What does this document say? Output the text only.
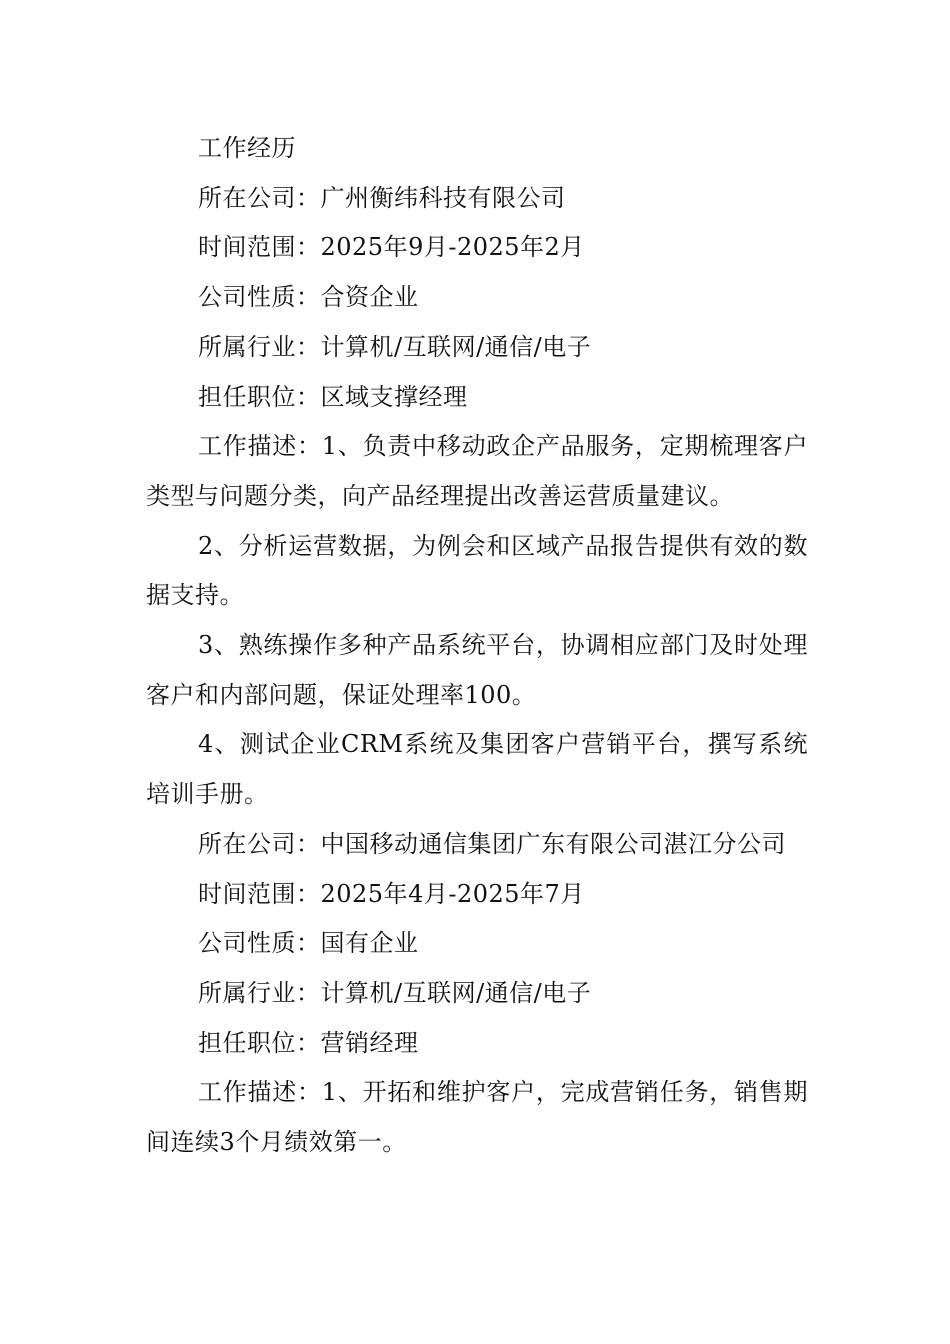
工作经历

所在公司：广州衡纬科技有限公司

时间范围：2025年9月-2025年2月

公司性质：合资企业

所属行业：计算机/互联网/通信/电子

担任职位：区域支撑经理

工作描述：1、负责中移动政企产品服务，定期梳理客户类型与问题分类，向产品经理提出改善运营质量建议。

2、分析运营数据，为例会和区域产品报告提供有效的数据支持。

3、熟练操作多种产品系统平台，协调相应部门及时处理客户和内部问题，保证处理率100。

4、测试企业CRM系统及集团客户营销平台，撰写系统培训手册。

所在公司：中国移动通信集团广东有限公司湛江分公司

时间范围：2025年4月-2025年7月

公司性质：国有企业

所属行业：计算机/互联网/通信/电子

担任职位：营销经理

工作描述：1、开拓和维护客户，完成营销任务，销售期间连续3个月绩效第一。
